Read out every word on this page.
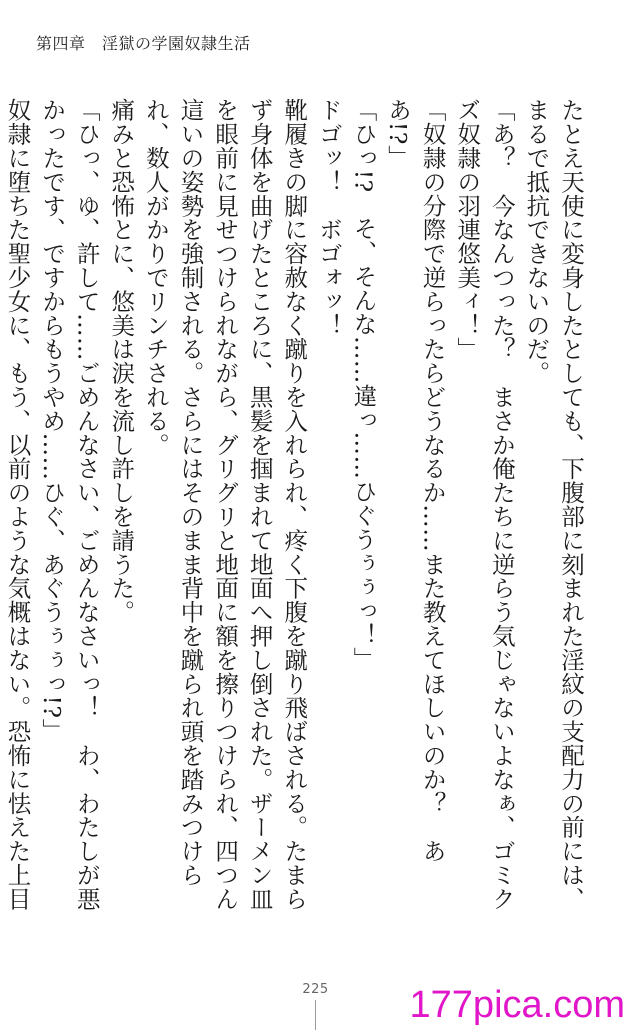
第四章　淫獄の学園奴隷生活

たとえ天使に変身したとしても、下腹部に刻まれた淫紋の支配力の前には、まるで抵抗できないのだ。

「あ？　今なんつった？　まさか俺たちに逆らう気じゃないよなぁ、ゴミクズ奴隷の羽連悠美ィ！」

「奴隷の分際で逆らったらどうなるか……また教えてほしいのか？　ああ!?」

「ひっ!?　そ、そんな……違っ……ひぐうぅぅっ！」

ドゴッ！　ボゴォッ！

靴履きの脚に容赦なく蹴りを入れられ、疼く下腹を蹴り飛ばされる。たまらず身体を曲げたところに、黒髪を掴まれて地面へ押し倒された。ザーメン皿を眼前に見せつけられながら、グリグリと地面に額を擦りつけられ、四つん這いの姿勢を強制される。さらにはそのまま背中を蹴られ頭を踏みつけられ、数人がかりでリンチされる。

痛みと恐怖とに、悠美は涙を流し許しを請うた。

「ひっ、ゆ、許して……ごめんなさい、ごめんなさいっ！　わ、わたしが悪かったです、ですからもうやめ……ひぐ、あぐうぅぅっ!?」

奴隷に堕ちた聖少女に、もう、以前のような気概はない。恐怖に怯えた上目

225	177pica.com
